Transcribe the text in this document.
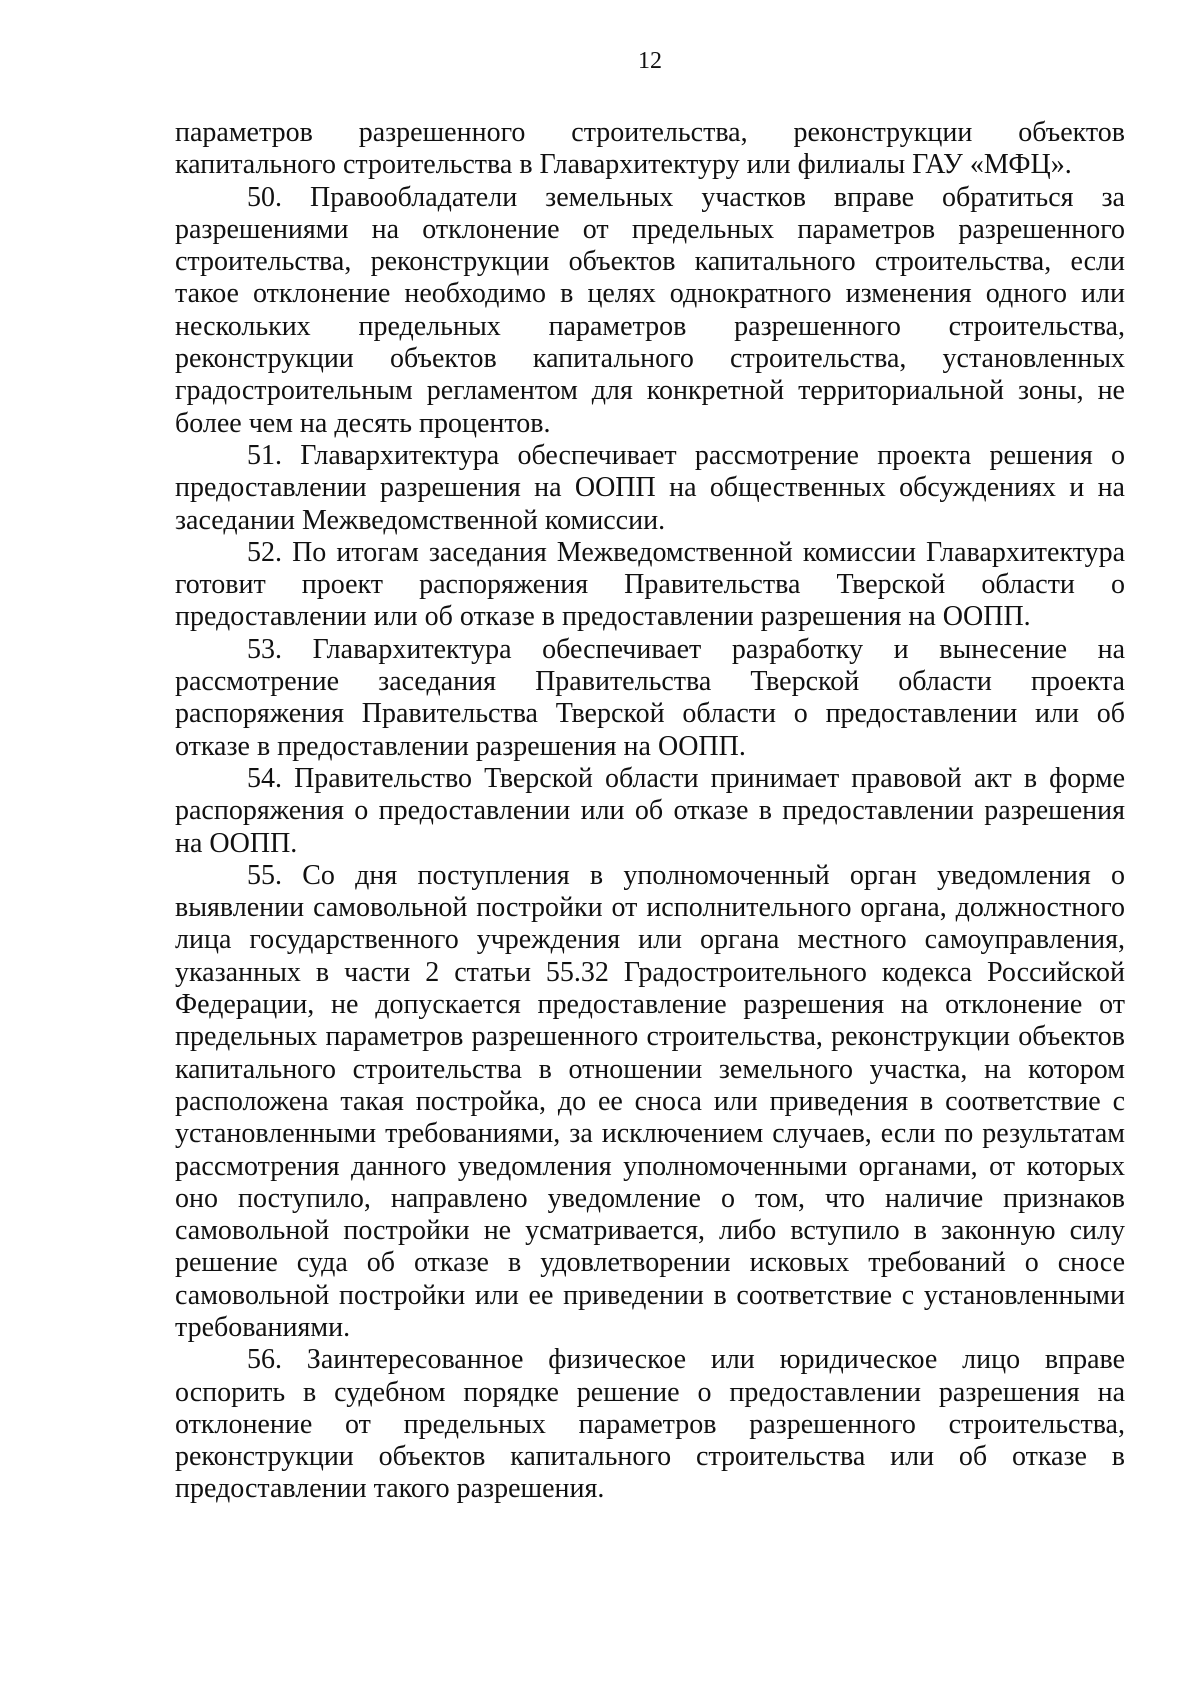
12

параметров разрешенного строительства, реконструкции объектов капитального строительства в Главархитектуру или филиалы ГАУ «МФЦ».

50. Правообладатели земельных участков вправе обратиться за разрешениями на отклонение от предельных параметров разрешенного строительства, реконструкции объектов капитального строительства, если такое отклонение необходимо в целях однократного изменения одного или нескольких предельных параметров разрешенного строительства, реконструкции объектов капитального строительства, установленных градостроительным регламентом для конкретной территориальной зоны, не более чем на десять процентов.

51. Главархитектура обеспечивает рассмотрение проекта решения о предоставлении разрешения на ООПП на общественных обсуждениях и на заседании Межведомственной комиссии.

52. По итогам заседания Межведомственной комиссии Главархитектура готовит проект распоряжения Правительства Тверской области о предоставлении или об отказе в предоставлении разрешения на ООПП.

53. Главархитектура обеспечивает разработку и вынесение на рассмотрение заседания Правительства Тверской области проекта распоряжения Правительства Тверской области о предоставлении или об отказе в предоставлении разрешения на ООПП.

54. Правительство Тверской области принимает правовой акт в форме распоряжения о предоставлении или об отказе в предоставлении разрешения на ООПП.

55. Со дня поступления в уполномоченный орган уведомления о выявлении самовольной постройки от исполнительного органа, должностного лица государственного учреждения или органа местного самоуправления, указанных в части 2 статьи 55.32 Градостроительного кодекса Российской Федерации, не допускается предоставление разрешения на отклонение от предельных параметров разрешенного строительства, реконструкции объектов капитального строительства в отношении земельного участка, на котором расположена такая постройка, до ее сноса или приведения в соответствие с установленными требованиями, за исключением случаев, если по результатам рассмотрения данного уведомления уполномоченными органами, от которых оно поступило, направлено уведомление о том, что наличие признаков самовольной постройки не усматривается, либо вступило в законную силу решение суда об отказе в удовлетворении исковых требований о сносе самовольной постройки или ее приведении в соответствие с установленными требованиями.

56. Заинтересованное физическое или юридическое лицо вправе оспорить в судебном порядке решение о предоставлении разрешения на отклонение от предельных параметров разрешенного строительства, реконструкции объектов капитального строительства или об отказе в предоставлении такого разрешения.
